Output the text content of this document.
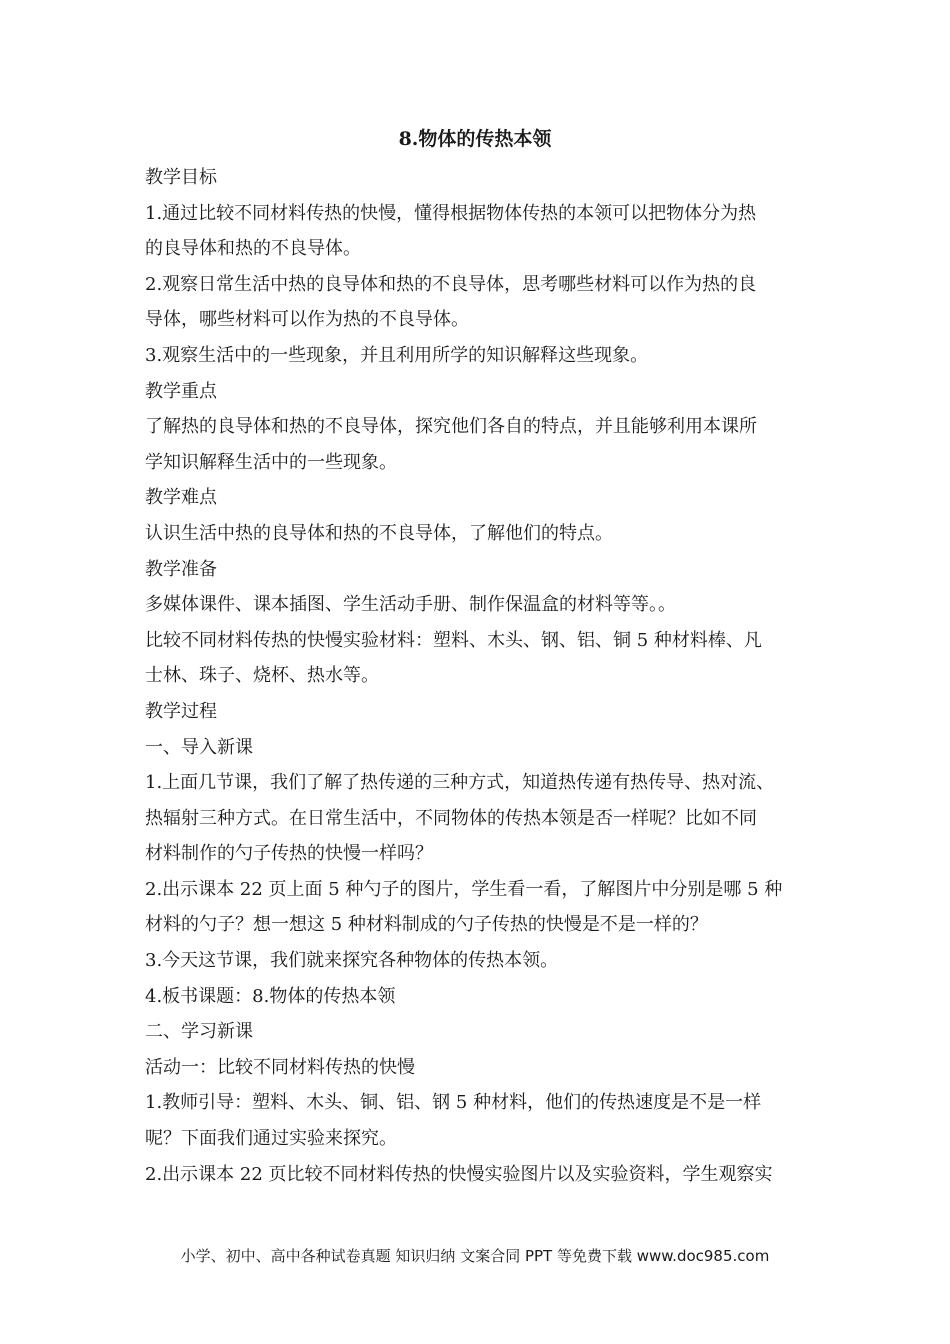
8.物体的传热本领
教学目标
1.通过比较不同材料传热的快慢，懂得根据物体传热的本领可以把物体分为热
的良导体和热的不良导体。
2.观察日常生活中热的良导体和热的不良导体，思考哪些材料可以作为热的良
导体，哪些材料可以作为热的不良导体。
3.观察生活中的一些现象，并且利用所学的知识解释这些现象。
教学重点
了解热的良导体和热的不良导体，探究他们各自的特点，并且能够利用本课所
学知识解释生活中的一些现象。
教学难点
认识生活中热的良导体和热的不良导体，了解他们的特点。
教学准备
多媒体课件、课本插图、学生活动手册、制作保温盒的材料等等。。
比较不同材料传热的快慢实验材料：塑料、木头、钢、铝、铜 5 种材料棒、凡
士林、珠子、烧杯、热水等。
教学过程
一、导入新课
1.上面几节课，我们了解了热传递的三种方式，知道热传递有热传导、热对流、
热辐射三种方式。在日常生活中，不同物体的传热本领是否一样呢？比如不同
材料制作的勺子传热的快慢一样吗？
2.出示课本 22 页上面 5 种勺子的图片，学生看一看，了解图片中分别是哪 5 种
材料的勺子？想一想这 5 种材料制成的勺子传热的快慢是不是一样的？
3.今天这节课，我们就来探究各种物体的传热本领。
4.板书课题：8.物体的传热本领
二、学习新课
活动一：比较不同材料传热的快慢
1.教师引导：塑料、木头、铜、铝、钢 5 种材料，他们的传热速度是不是一样
呢？下面我们通过实验来探究。
2.出示课本 22 页比较不同材料传热的快慢实验图片以及实验资料，学生观察实
小学、初中、高中各种试卷真题 知识归纳 文案合同 PPT 等免费下载 www.doc985.com
